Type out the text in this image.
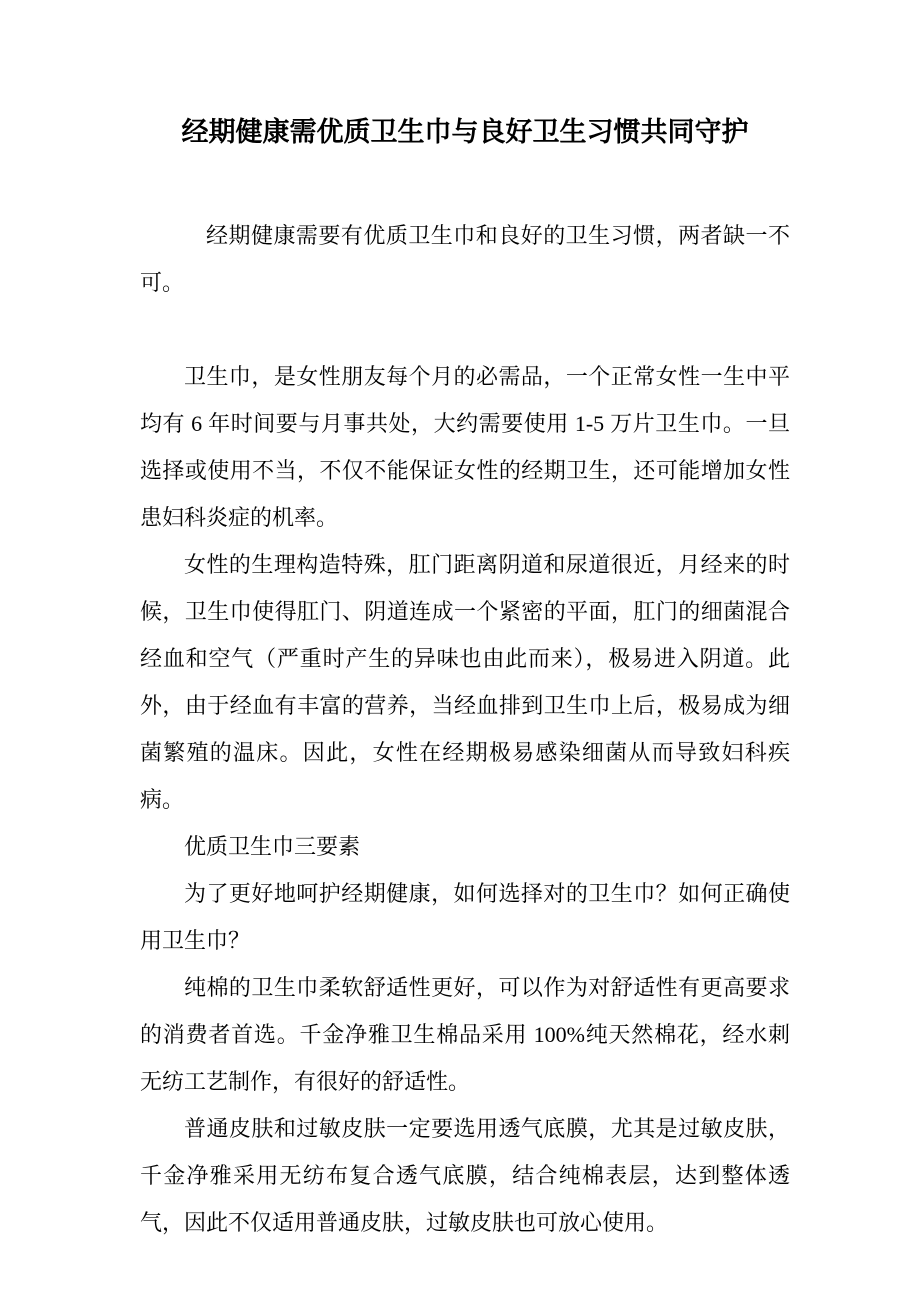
经期健康需优质卫生巾与良好卫生习惯共同守护

经期健康需要有优质卫生巾和良好的卫生习惯，两者缺一不可。

卫生巾，是女性朋友每个月的必需品，一个正常女性一生中平均有 6 年时间要与月事共处，大约需要使用 1-5 万片卫生巾。一旦选择或使用不当，不仅不能保证女性的经期卫生，还可能增加女性患妇科炎症的机率。

女性的生理构造特殊，肛门距离阴道和尿道很近，月经来的时候，卫生巾使得肛门、阴道连成一个紧密的平面，肛门的细菌混合经血和空气（严重时产生的异味也由此而来），极易进入阴道。此外，由于经血有丰富的营养，当经血排到卫生巾上后，极易成为细菌繁殖的温床。因此，女性在经期极易感染细菌从而导致妇科疾病。

优质卫生巾三要素

为了更好地呵护经期健康，如何选择对的卫生巾？如何正确使用卫生巾？

纯棉的卫生巾柔软舒适性更好，可以作为对舒适性有更高要求的消费者首选。千金净雅卫生棉品采用 100%纯天然棉花，经水刺无纺工艺制作，有很好的舒适性。

普通皮肤和过敏皮肤一定要选用透气底膜，尤其是过敏皮肤，千金净雅采用无纺布复合透气底膜，结合纯棉表层，达到整体透气，因此不仅适用普通皮肤，过敏皮肤也可放心使用。
